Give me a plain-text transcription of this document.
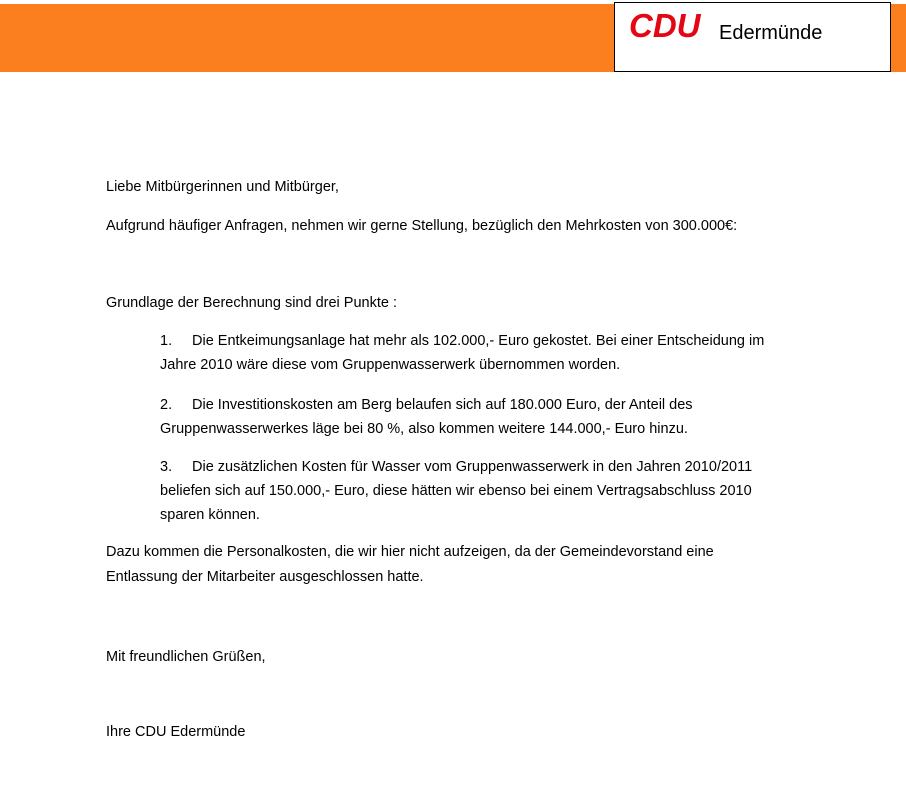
CDU Edermünde
Liebe Mitbürgerinnen und Mitbürger,
Aufgrund häufiger Anfragen, nehmen wir gerne Stellung, bezüglich den Mehrkosten von 300.000€:
Grundlage der Berechnung sind drei Punkte :
1. Die Entkeimungsanlage hat mehr als 102.000,- Euro gekostet. Bei einer Entscheidung im
Jahre 2010 wäre diese vom Gruppenwasserwerk übernommen worden.
2. Die Investitionskosten am Berg belaufen sich auf 180.000 Euro, der Anteil des
Gruppenwasserwerkes läge bei 80 %, also kommen weitere 144.000,- Euro hinzu.
3. Die zusätzlichen Kosten für Wasser vom Gruppenwasserwerk in den Jahren 2010/2011
beliefen sich auf 150.000,- Euro, diese hätten wir ebenso bei einem Vertragsabschluss 2010
sparen können.
Dazu kommen die Personalkosten, die wir hier nicht aufzeigen, da der Gemeindevorstand eine
Entlassung der Mitarbeiter ausgeschlossen hatte.
Mit freundlichen Grüßen,
Ihre CDU Edermünde
